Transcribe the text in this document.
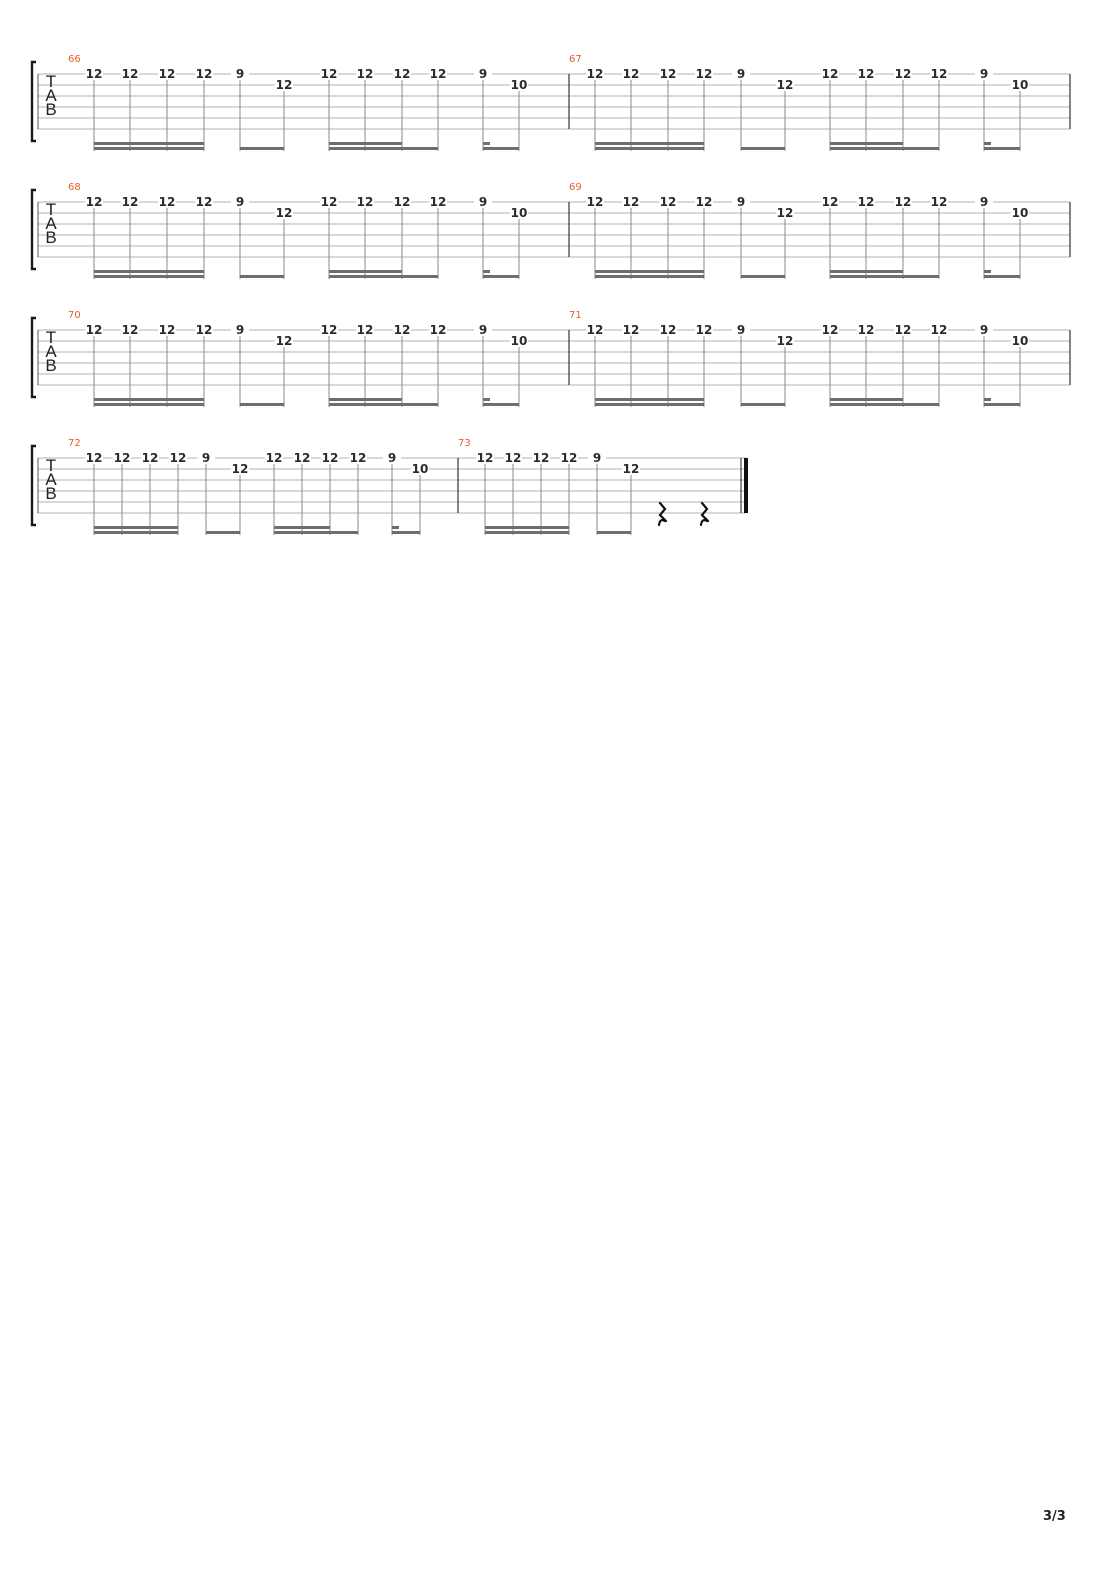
T
A
B
66
12 12 12 12 9
12
12 12 12 12	9
10
67
12 12 12 12 9
12
12 12 12 12	9
10
T
A
B
68
12 12 12 12 9
12
12 12 12 12	9
10
69
12 12 12 12 9
12
12 12 12 12	9
10
T
A
B
70
12 12 12 12 9
12
12 12 12 12	9
10
71
12 12 12 12 9
12
12 12 12 12	9
10
T
A
B
72
12 12 12 12 9
12
12 12 12 12 9
10
73
12 12 12 12 9
12
3/3
